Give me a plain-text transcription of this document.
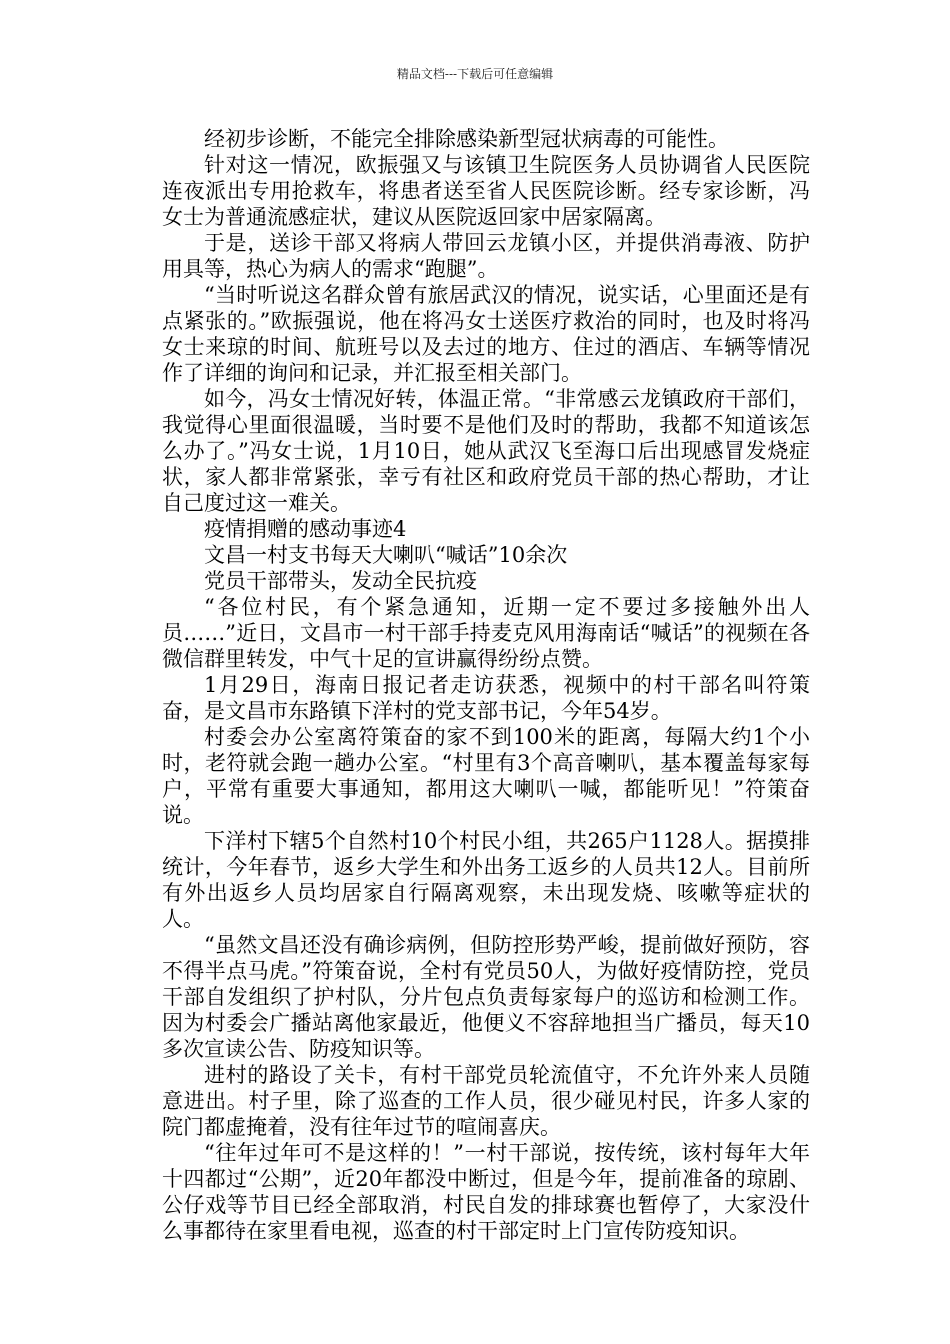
精品文档---下载后可任意编辑

经初步诊断，不能完全排除感染新型冠状病毒的可能性。

针对这一情况，欧振强又与该镇卫生院医务人员协调省人民医院连夜派出专用抢救车，将患者送至省人民医院诊断。经专家诊断，冯女士为普通流感症状，建议从医院返回家中居家隔离。

于是，送诊干部又将病人带回云龙镇小区，并提供消毒液、防护用具等，热心为病人的需求“跑腿”。

“当时听说这名群众曾有旅居武汉的情况，说实话，心里面还是有点紧张的。”欧振强说，他在将冯女士送医疗救治的同时，也及时将冯女士来琼的时间、航班号以及去过的地方、住过的酒店、车辆等情况作了详细的询问和记录，并汇报至相关部门。

如今，冯女士情况好转，体温正常。“非常感云龙镇政府干部们，我觉得心里面很温暖，当时要不是他们及时的帮助，我都不知道该怎么办了。”冯女士说，1月10日，她从武汉飞至海口后出现感冒发烧症状，家人都非常紧张，幸亏有社区和政府党员干部的热心帮助，才让自己度过这一难关。

疫情捐赠的感动事迹4

文昌一村支书每天大喇叭“喊话”10余次

党员干部带头，发动全民抗疫

“各位村民，有个紧急通知，近期一定不要过多接触外出人员……”近日，文昌市一村干部手持麦克风用海南话“喊话”的视频在各微信群里转发，中气十足的宣讲赢得纷纷点赞。

1月29日，海南日报记者走访获悉，视频中的村干部名叫符策奋，是文昌市东路镇下洋村的党支部书记，今年54岁。

村委会办公室离符策奋的家不到100米的距离，每隔大约1个小时，老符就会跑一趟办公室。“村里有3个高音喇叭，基本覆盖每家每户，平常有重要大事通知，都用这大喇叭一喊，都能听见！”符策奋说。

下洋村下辖5个自然村10个村民小组，共265户1128人。据摸排统计，今年春节，返乡大学生和外出务工返乡的人员共12人。目前所有外出返乡人员均居家自行隔离观察，未出现发烧、咳嗽等症状的人。

“虽然文昌还没有确诊病例，但防控形势严峻，提前做好预防，容不得半点马虎。”符策奋说，全村有党员50人，为做好疫情防控，党员干部自发组织了护村队，分片包点负责每家每户的巡访和检测工作。因为村委会广播站离他家最近，他便义不容辞地担当广播员，每天10多次宣读公告、防疫知识等。

进村的路设了关卡，有村干部党员轮流值守，不允许外来人员随意进出。村子里，除了巡查的工作人员，很少碰见村民，许多人家的院门都虚掩着，没有往年过节的喧闹喜庆。

“往年过年可不是这样的！”一村干部说，按传统，该村每年大年十四都过“公期”，近20年都没中断过，但是今年，提前准备的琼剧、公仔戏等节目已经全部取消，村民自发的排球赛也暂停了，大家没什么事都待在家里看电视，巡查的村干部定时上门宣传防疫知识。
